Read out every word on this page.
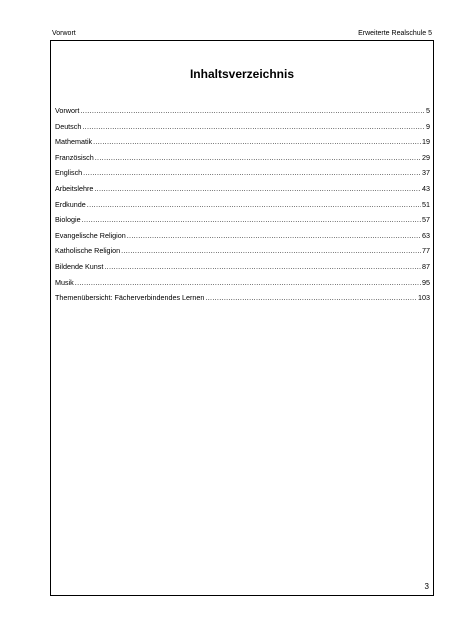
Vorwort	Erweiterte Realschule 5
Inhaltsverzeichnis
Vorwort .....	5
Deutsch .....	9
Mathematik .....	19
Französisch .....	29
Englisch .....	37
Arbeitslehre .....	43
Erdkunde .....	51
Biologie .....	57
Evangelische Religion .....	63
Katholische Religion .....	77
Bildende Kunst .....	87
Musik .....	95
Themenübersicht: Fächerverbindendes Lernen .....	103
3
